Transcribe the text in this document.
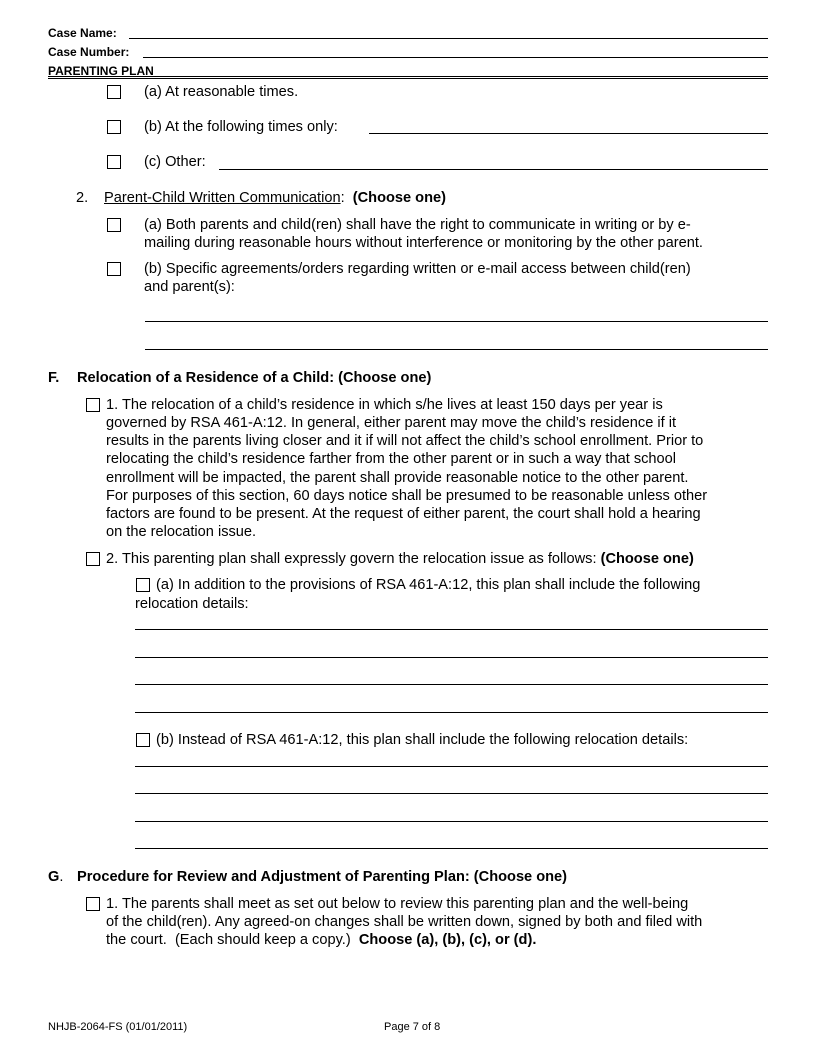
Case Name:
Case Number:
PARENTING PLAN
(a) At reasonable times.
(b) At the following times only:
(c) Other:
2. Parent-Child Written Communication: (Choose one)
(a) Both parents and child(ren) shall have the right to communicate in writing or by e-
mailing during reasonable hours without interference or monitoring by the other parent.
(b) Specific agreements/orders regarding written or e-mail access between child(ren)
and parent(s):
F. Relocation of a Residence of a Child: (Choose one)
1. The relocation of a child’s residence in which s/he lives at least 150 days per year is
governed by RSA 461-A:12. In general, either parent may move the child’s residence if it
results in the parents living closer and it if will not affect the child’s school enrollment. Prior to
relocating the child’s residence farther from the other parent or in such a way that school
enrollment will be impacted, the parent shall provide reasonable notice to the other parent.
For purposes of this section, 60 days notice shall be presumed to be reasonable unless other
factors are found to be present. At the request of either parent, the court shall hold a hearing
on the relocation issue.
2. This parenting plan shall expressly govern the relocation issue as follows: (Choose one)
(a) In addition to the provisions of RSA 461-A:12, this plan shall include the following
relocation details:
(b) Instead of RSA 461-A:12, this plan shall include the following relocation details:
G. Procedure for Review and Adjustment of Parenting Plan: (Choose one)
1. The parents shall meet as set out below to review this parenting plan and the well-being
of the child(ren). Any agreed-on changes shall be written down, signed by both and filed with
the court.  (Each should keep a copy.)  Choose (a), (b), (c), or (d).
NHJB-2064-FS (01/01/2011)	Page 7 of 8
